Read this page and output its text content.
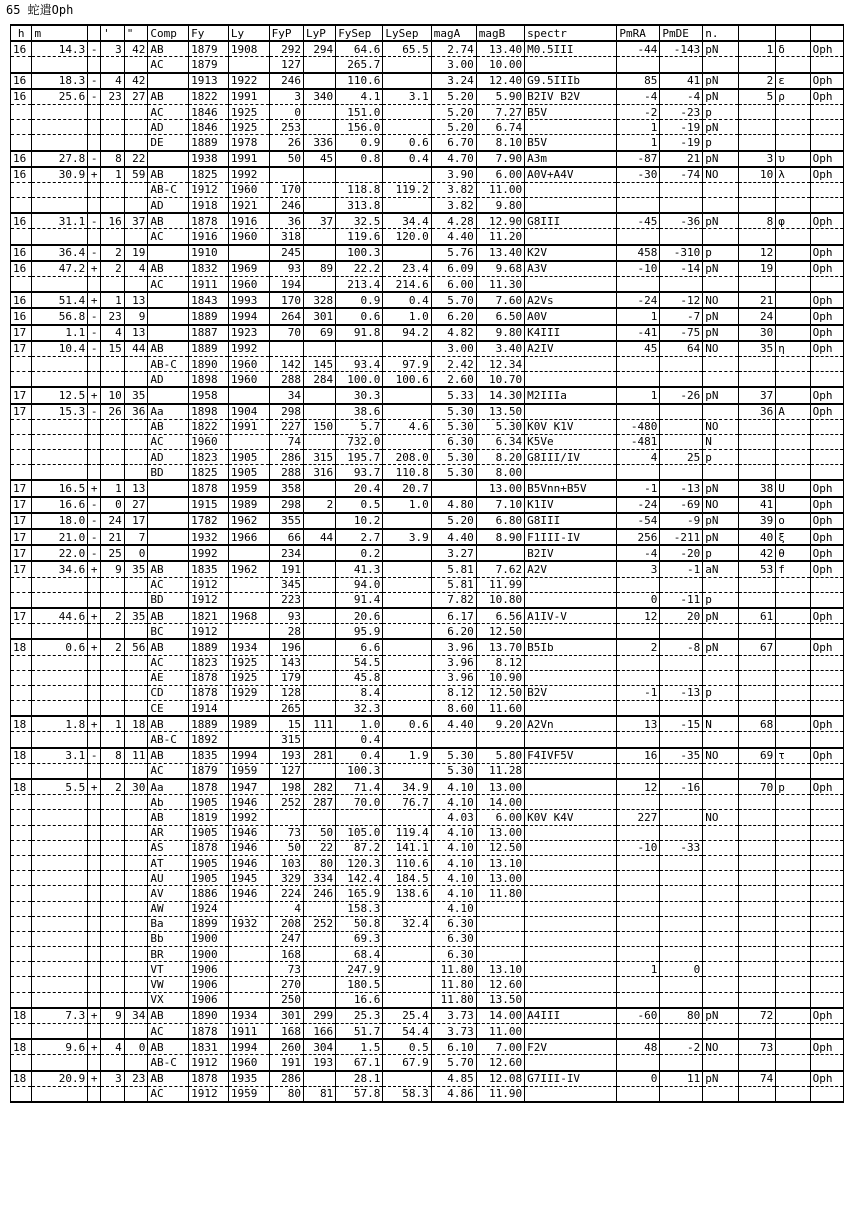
65 蛇遣Oph
h	m		'	"	Comp	Fy	Ly	FyP	LyP	FySep	LySep	magA	magB	spectr	PmRA	PmDE	n.			
16	14.3	-	3	42	AB	1879	1908	292	294	64.6	65.5	2.74	13.40	M0.5III	-44	-143	pN	1	δ	Oph
					AC	1879		127		265.7		3.00	10.00							
16	18.3	-	4	42		1913	1922	246		110.6		3.24	12.40	G9.5IIIb	85	41	pN	2	ε	Oph
16	25.6	-	23	27	AB	1822	1991	3	340	4.1	3.1	5.20	5.90	B2IV B2V	-4	-4	pN	5	ρ	Oph
					AC	1846	1925	0		151.0		5.20	7.27	B5V	-2	-23	p			
					AD	1846	1925	253		156.0		5.20	6.74		1	-19	pN			
					DE	1889	1978	26	336	0.9	0.6	6.70	8.10	B5V	1	-19	p			
16	27.8	-	8	22		1938	1991	50	45	0.8	0.4	4.70	7.90	A3m	-87	21	pN	3	υ	Oph
16	30.9	+	1	59	AB	1825	1992					3.90	6.00	A0V+A4V	-30	-74	NO	10	λ	Oph
					AB-C	1912	1960	170		118.8	119.2	3.82	11.00							
					AD	1918	1921	246		313.8		3.82	9.80							
16	31.1	-	16	37	AB	1878	1916	36	37	32.5	34.4	4.28	12.90	G8III	-45	-36	pN	8	φ	Oph
					AC	1916	1960	318		119.6	120.0	4.40	11.20							
16	36.4	-	2	19		1910		245		100.3		5.76	13.40	K2V	458	-310	p	12		Oph
16	47.2	+	2	4	AB	1832	1969	93	89	22.2	23.4	6.09	9.68	A3V	-10	-14	pN	19		Oph
					AC	1911	1960	194		213.4	214.6	6.00	11.30							
16	51.4	+	1	13		1843	1993	170	328	0.9	0.4	5.70	7.60	A2Vs	-24	-12	NO	21		Oph
16	56.8	-	23	9		1889	1994	264	301	0.6	1.0	6.20	6.50	A0V	1	-7	pN	24		Oph
17	1.1	-	4	13		1887	1923	70	69	91.8	94.2	4.82	9.80	K4III	-41	-75	pN	30		Oph
17	10.4	-	15	44	AB	1889	1992					3.00	3.40	A2IV	45	64	NO	35	η	Oph
					AB-C	1890	1960	142	145	93.4	97.9	2.42	12.34							
					AD	1898	1960	288	284	100.0	100.6	2.60	10.70							
17	12.5	+	10	35		1958		34		30.3		5.33	14.30	M2IIIa	1	-26	pN	37		Oph
17	15.3	-	26	36	Aa	1898	1904	298		38.6		5.30	13.50					36	A	Oph
					AB	1822	1991	227	150	5.7	4.6	5.30	5.30	K0V K1V	-480		NO			
					AC	1960		74		732.0		6.30	6.34	K5Ve	-481		N			
					AD	1823	1905	286	315	195.7	208.0	5.30	8.20	G8III/IV	4	25	p			
					BD	1825	1905	288	316	93.7	110.8	5.30	8.00							
17	16.5	+	1	13		1878	1959	358		20.4	20.7		13.00	B5Vnn+B5V	-1	-13	pN	38	U	Oph
17	16.6	-	0	27		1915	1989	298	2	0.5	1.0	4.80	7.10	K1IV	-24	-69	NO	41		Oph
17	18.0	-	24	17		1782	1962	355		10.2		5.20	6.80	G8III	-54	-9	pN	39	ο	Oph
17	21.0	-	21	7		1932	1966	66	44	2.7	3.9	4.40	8.90	F1III-IV	256	-211	pN	40	ξ	Oph
17	22.0	-	25	0		1992		234		0.2		3.27		B2IV	-4	-20	p	42	θ	Oph
17	34.6	+	9	35	AB	1835	1962	191		41.3		5.81	7.62	A2V	3	-1	aN	53	f	Oph
					AC	1912		345		94.0		5.81	11.99							
					BD	1912		223		91.4		7.82	10.80		0	-11	p			
17	44.6	+	2	35	AB	1821	1968	93		20.6		6.17	6.56	A1IV-V	12	20	pN	61		Oph
					BC	1912		28		95.9		6.20	12.50							
18	0.6	+	2	56	AB	1889	1934	196		6.6		3.96	13.70	B5Ib	2	-8	pN	67		Oph
					AC	1823	1925	143		54.5		3.96	8.12							
					AE	1878	1925	179		45.8		3.96	10.90							
					CD	1878	1929	128		8.4		8.12	12.50	B2V	-1	-13	p			
					CE	1914		265		32.3		8.60	11.60							
18	1.8	+	1	18	AB	1889	1989	15	111	1.0	0.6	4.40	9.20	A2Vn	13	-15	N	68		Oph
					AB-C	1892		315		0.4										
18	3.1	-	8	11	AB	1835	1994	193	281	0.4	1.9	5.30	5.80	F4IVF5V	16	-35	NO	69	τ	Oph
					AC	1879	1959	127		100.3		5.30	11.28							
18	5.5	+	2	30	Aa	1878	1947	198	282	71.4	34.9	4.10	13.00		12	-16		70	p	Oph
					Ab	1905	1946	252	287	70.0	76.7	4.10	14.00							
					AB	1819	1992					4.03	6.00	K0V K4V	227		NO			
					AR	1905	1946	73	50	105.0	119.4	4.10	13.00							
					AS	1878	1946	50	22	87.2	141.1	4.10	12.50		-10	-33				
					AT	1905	1946	103	80	120.3	110.6	4.10	13.10							
					AU	1905	1945	329	334	142.4	184.5	4.10	13.00							
					AV	1886	1946	224	246	165.9	138.6	4.10	11.80							
					AW	1924		4		158.3		4.10								
					Ba	1899	1932	208	252	50.8	32.4	6.30								
					Bb	1900		247		69.3		6.30								
					BR	1900		168		68.4		6.30								
					VT	1906		73		247.9		11.80	13.10		1	0				
					VW	1906		270		180.5		11.80	12.60							
					VX	1906		250		16.6		11.80	13.50							
18	7.3	+	9	34	AB	1890	1934	301	299	25.3	25.4	3.73	14.00	A4III	-60	80	pN	72		Oph
					AC	1878	1911	168	166	51.7	54.4	3.73	11.00							
18	9.6	+	4	0	AB	1831	1994	260	304	1.5	0.5	6.10	7.00	F2V	48	-2	NO	73		Oph
					AB-C	1912	1960	191	193	67.1	67.9	5.70	12.60							
18	20.9	+	3	23	AB	1878	1935	286		28.1		4.85	12.08	G7III-IV	0	11	pN	74		Oph
					AC	1912	1959	80	81	57.8	58.3	4.86	11.90							
